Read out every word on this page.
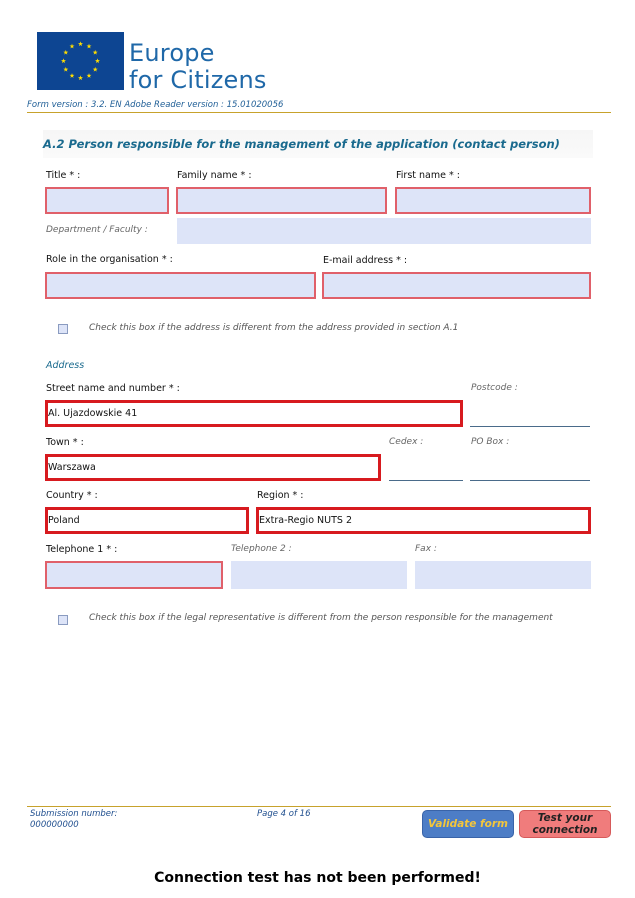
Europe
for Citizens
Form version : 3.2. EN Adobe Reader version : 15.01020056
A.2 Person responsible for the management of the application (contact person)
Title * :	Family name * :	First name * :
Department / Faculty :
Role in the organisation * :	E-mail address * :
Check this box if the address is different from the address provided in section A.1
Address
Street name and number * :	Postcode :
Al. Ujazdowskie 41
Town * :	Cedex :	PO Box :
Warszawa
Country * :	Region * :
Poland	Extra-Regio NUTS 2
Telephone 1 * :	Telephone 2 :	Fax :
Check this box if the legal representative is different from the person responsible for the management
Submission number:
000000000
Page 4 of 16
Validate form	Test your connection
Connection test has not been performed!
